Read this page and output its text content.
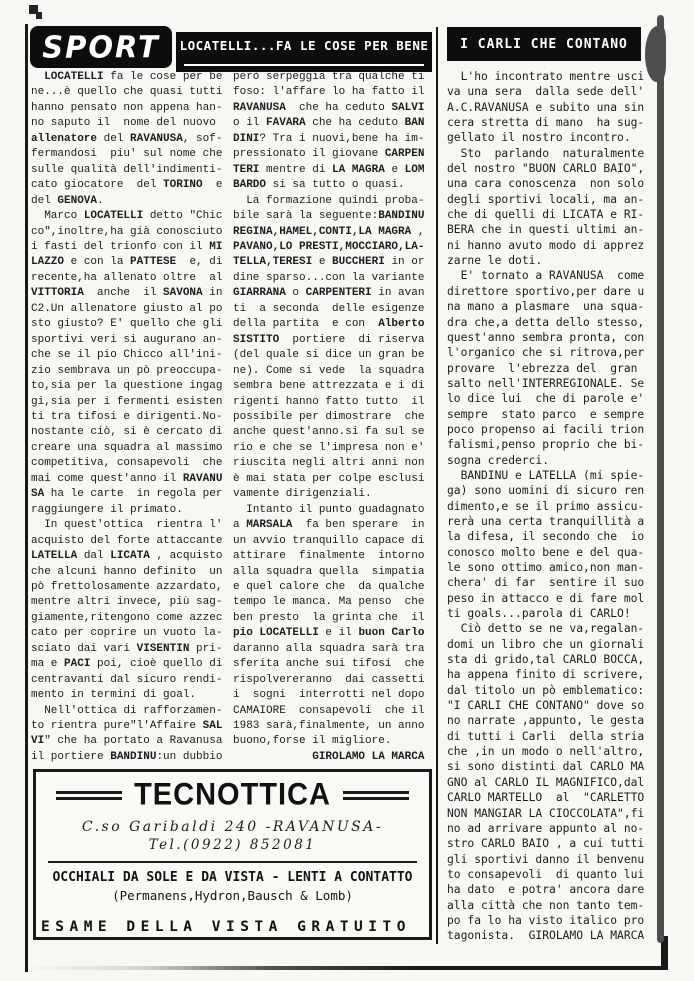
SPORT LOCATELLI...FA LE COSE PER BENE I CARLI CHE CONTANO
LOCATELLI fa le cose per be
ne...è quello che quasi tutti
hanno pensato non appena han-
no saputo il  nome del nuovo
allenatore del RAVANUSA, sof-
fermandosi  piu' sul nome che
sulle qualità dell'indimenti-
cato giocatore  del TORINO  e
del GENOVA.
Marco LOCATELLI detto "Chic
co",inoltre,ha già conosciuto
i fasti del trionfo con il MI
LAZZO e con la PATTESE  e, di
recente,ha allenato oltre  al
VITTORIA  anche  il SAVONA in
C2.Un allenatore giusto al po
sto giusto? E' quello che gli
sportivi veri si augurano an-
che se il pio Chicco all'ini-
zio sembrava un pò preoccupa-
to,sia per la questione ingag
gi,sia per i fermenti esisten
ti tra tifosi e dirigenti.No-
nostante ciò, si è cercato di
creare una squadra al massimo
competitiva, consapevoli  che
mai come quest'anno il RAVANU
SA ha le carte  in regola per
raggiungere il primato.
In quest'ottica  rientra l'
acquisto del forte attaccante
LATELLA dal LICATA , acquisto
che alcuni hanno definito  un
pò frettolosamente azzardato,
mentre altri invece, più sag-
giamente,ritengono come azzec
cato per coprire un vuoto la-
sciato dai vari VISENTIN pri-
ma e PACI poi, cioè quello di
centravanti dal sicuro rendi-
mento in termini di goal.
Nell'ottica di rafforzamen-
to rientra pure"l'Affaire SAL
VI" che ha portato a Ravanusa
il portiere BANDINU:un dubbio
però serpeggia tra qualche ti
foso: l'affare lo ha fatto il
RAVANUSA  che ha ceduto SALVI
o il FAVARA che ha ceduto BAN
DINI? Tra i nuovi,bene ha im-
pressionato il giovane CARPEN
TERI mentre di LA MAGRA e LOM
BARDO si sa tutto o quasi.
La formazione quindi proba-
bile sarà la seguente:BANDINU
REGINA,HAMEL,CONTI,LA MAGRA ,
PAVANO,LO PRESTI,MOCCIARO,LA-
TELLA,TERESI e BUCCHERI in or
dine sparso...con la variante
GIARRANA o CARPENTERI in avan
ti  a seconda  delle esigenze
della partita  e con  Alberto
SISTITO  portiere  di riserva
(del quale si dice un gran be
ne). Come si vede  la squadra
sembra bene attrezzata e i di
rigenti hanno fatto tutto  il
possibile per dimostrare  che
anche quest'anno.si fa sul se
rio e che se l'impresa non e'
riuscita negli altri anni non
è mai stata per colpe esclusi
vamente dirigenziali.
Intanto il punto guadagnato
a MARSALA  fa ben sperare  in
un avvio tranquillo capace di
attirare  finalmente  intorno
alla squadra quella  simpatia
e quel calore che  da qualche
tempo le manca. Ma penso  che
ben presto  la grinta che  il
pio LOCATELLI e il buon Carlo
daranno alla squadra sarà tra
sferita anche sui tifosi  che
rispolvereranno  dai cassetti
i  sogni  interrotti nel dopo
CAMAIORE  consapevoli  che il
1983 sarà,finalmente, un anno
buono,forse il migliore.
GIROLAMO LA MARCA
L'ho incontrato mentre usci
va una sera  dalla sede dell'
A.C.RAVANUSA e subito una sin
cera stretta di mano  ha sug-
gellato il nostro incontro.
Sto  parlando  naturalmente
del nostro "BUON CARLO BAIO",
una cara conoscenza  non solo
degli sportivi locali, ma an-
che di quelli di LICATA e RI-
BERA che in questi ultimi an-
ni hanno avuto modo di apprez
zarne le doti.
E' tornato a RAVANUSA  come
direttore sportivo,per dare u
na mano a plasmare  una squa-
dra che,a detta dello stesso,
quest'anno sembra pronta, con
l'organico che si ritrova,per
provare  l'ebrezza del  gran
salto nell'INTERREGIONALE. Se
lo dice lui  che di parole e'
sempre  stato parco  e sempre
poco propenso ai facili trion
falismi,penso proprio che bi-
sogna crederci.
BANDINU e LATELLA (mi spie-
ga) sono uomini di sicuro ren
dimento,e se il primo assicu-
rerà una certa tranquillità a
la difesa, il secondo che  io
conosco molto bene e del qua-
le sono ottimo amico,non man-
chera' di far  sentire il suo
peso in attacco e di fare mol
ti goals...parola di CARLO!
Ciò detto se ne va,regalan-
domi un libro che un giornali
sta di grido,tal CARLO BOCCA,
ha appena finito di scrivere,
dal titolo un pò emblematico:
"I CARLI CHE CONTANO" dove so
no narrate ,appunto, le gesta
di tutti i Carli  della stria
che ,in un modo o nell'altro,
si sono distinti dal CARLO MA
GNO al CARLO IL MAGNIFICO,dal
CARLO MARTELLO  al  "CARLETTO
NON MANGIAR LA CIOCCOLATA",fi
no ad arrivare appunto al no-
stro CARLO BAIO , a cui tutti
gli sportivi danno il benvenu
to consapevoli  di quanto lui
ha dato  e potra' ancora dare
alla città che non tanto tem-
po fa lo ha visto italico pro
tagonista.  GIROLAMO LA MARCA
TECNOTTICA
C.so Garibaldi 240 -RAVANUSA-
Tel.(0922) 852081
OCCHIALI DA SOLE E DA VISTA - LENTI A CONTATTO
(Permanens,Hydron,Bausch & Lomb)
ESAME DELLA VISTA GRATUITO
